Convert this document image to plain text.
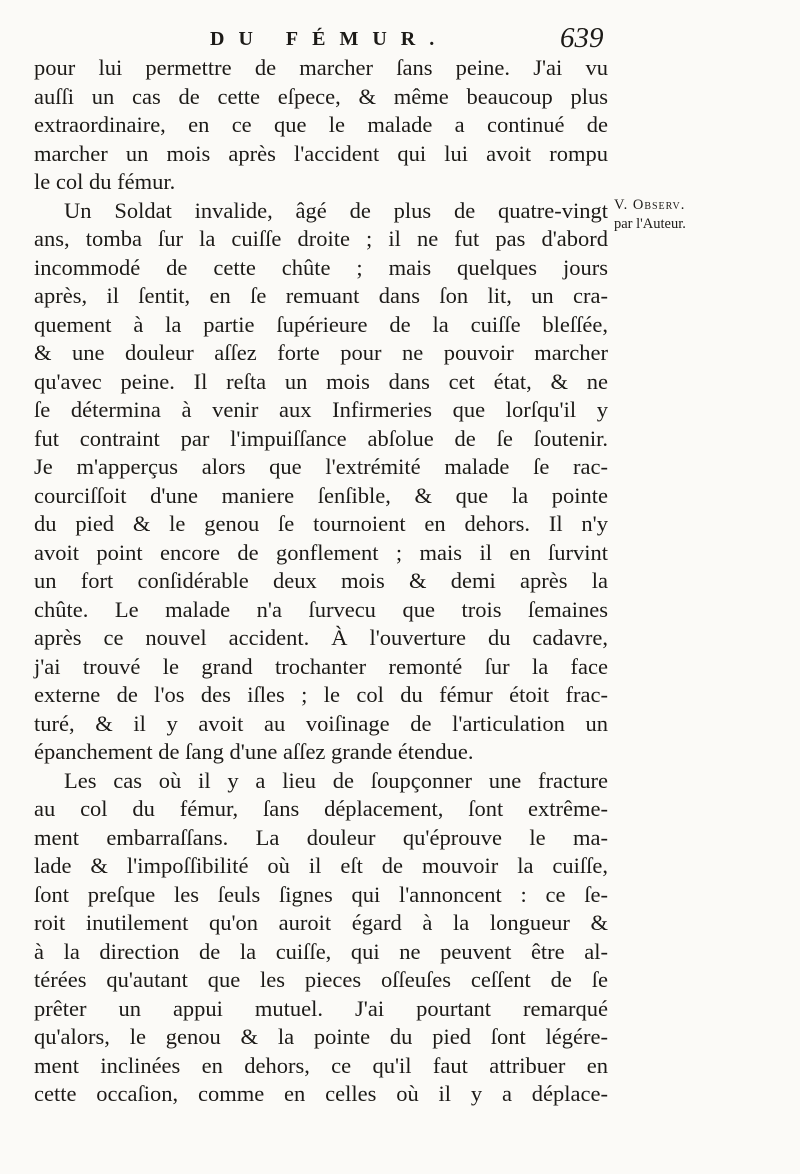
DU FÉMUR.	639
pour lui permettre de marcher ſans peine. J'ai vu
auſſi un cas de cette eſpece, & même beaucoup plus
extraordinaire, en ce que le malade a continué de
marcher un mois après l'accident qui lui avoit rompu
le col du fémur.
Un Soldat invalide, âgé de plus de quatre-vingt
ans, tomba ſur la cuiſſe droite ; il ne fut pas d'abord
incommodé de cette chûte ; mais quelques jours
après, il ſentit, en ſe remuant dans ſon lit, un cra-
quement à la partie ſupérieure de la cuiſſe bleſſée,
& une douleur aſſez forte pour ne pouvoir marcher
qu'avec peine. Il reſta un mois dans cet état, & ne
ſe détermina à venir aux Infirmeries que lorſqu'il y
fut contraint par l'impuiſſance abſolue de ſe ſoutenir.
Je m'apperçus alors que l'extrémité malade ſe rac-
courciſſoit d'une maniere ſenſible, & que la pointe
du pied & le genou ſe tournoient en dehors. Il n'y
avoit point encore de gonflement ; mais il en ſurvint
un fort conſidérable deux mois & demi après la
chûte. Le malade n'a ſurvecu que trois ſemaines
après ce nouvel accident. À l'ouverture du cadavre,
j'ai trouvé le grand trochanter remonté ſur la face
externe de l'os des iſles ; le col du fémur étoit frac-
turé, & il y avoit au voiſinage de l'articulation un
épanchement de ſang d'une aſſez grande étendue.
Les cas où il y a lieu de ſoupçonner une fracture
au col du fémur, ſans déplacement, ſont extrême-
ment embarraſſans. La douleur qu'éprouve le ma-
lade & l'impoſſibilité où il eſt de mouvoir la cuiſſe,
ſont preſque les ſeuls ſignes qui l'annoncent : ce ſe-
roit inutilement qu'on auroit égard à la longueur &
à la direction de la cuiſſe, qui ne peuvent être al-
térées qu'autant que les pieces oſſeuſes ceſſent de ſe
prêter un appui mutuel. J'ai pourtant remarqué
qu'alors, le genou & la pointe du pied ſont légére-
ment inclinées en dehors, ce qu'il faut attribuer en
cette occaſion, comme en celles où il y a déplace-
V. Observ.
par l'Auteur.
